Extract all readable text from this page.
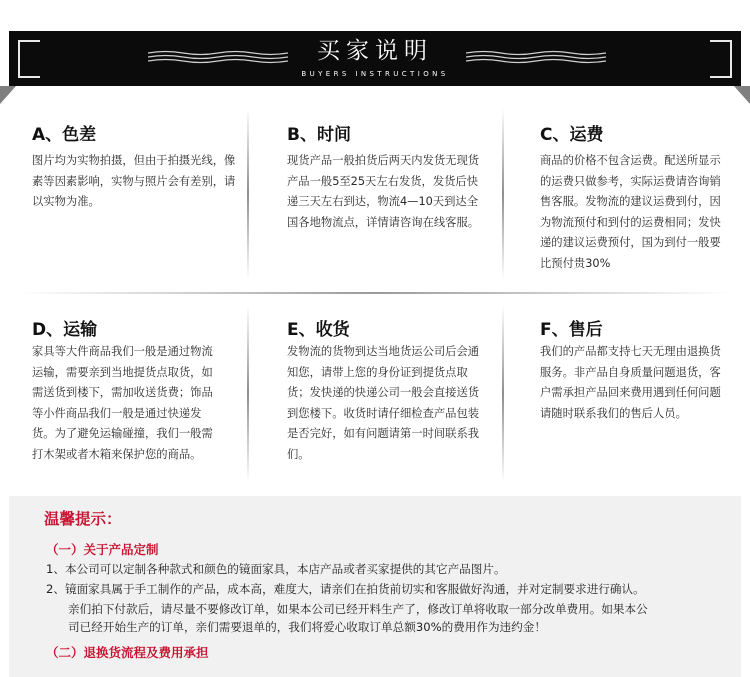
买家说明
BUYERS INSTRUCTIONS
A、色差

图片均为实物拍摄，但由于拍摄光线，像素等因素影响，实物与照片会有差别，请以实物为准。

B、时间

现货产品一般拍货后两天内发货无现货产品一般5至25天左右发货，发货后快递三天左右到达，物流4—10天到达全国各地物流点，详情请咨询在线客服。

C、运费

商品的价格不包含运费。配送所显示的运费只做参考，实际运费请咨询销售客服。发物流的建议运费到付，因为物流预付和到付的运费相同；发快递的建议运费预付，国为到付一般要比预付贵30%

D、运输

家具等大件商品我们一般是通过物流运输，需要亲到当地提货点取货，如需送货到楼下，需加收送货费；饰品等小件商品我们一般是通过快递发货。为了避免运输碰撞，我们一般需打木架或者木箱来保护您的商品。

E、收货

发物流的货物到达当地货运公司后会通知您，请带上您的身份证到提货点取货；发快递的快递公司一般会直接送货到您楼下。收货时请仔细检查产品包装是否完好，如有问题请第一时间联系我们。

F、售后

我们的产品都支持七天无理由退换货服务。非产品自身质量问题退货，客户需承担产品回来费用遇到任何问题请随时联系我们的售后人员。

温馨提示：
（一）关于产品定制
1、本公司可以定制各种款式和颜色的镜面家具，本店产品或者买家提供的其它产品图片。
2、镜面家具属于手工制作的产品，成本高，难度大，请亲们在拍货前切实和客服做好沟通，并对定制要求进行确认。
亲们拍下付款后，请尽量不要修改订单，如果本公司已经开料生产了，修改订单将收取一部分改单费用。如果本公
司已经开始生产的订单，亲们需要退单的，我们将爱心收取订单总额30%的费用作为违约金！
（二）退换货流程及费用承担
